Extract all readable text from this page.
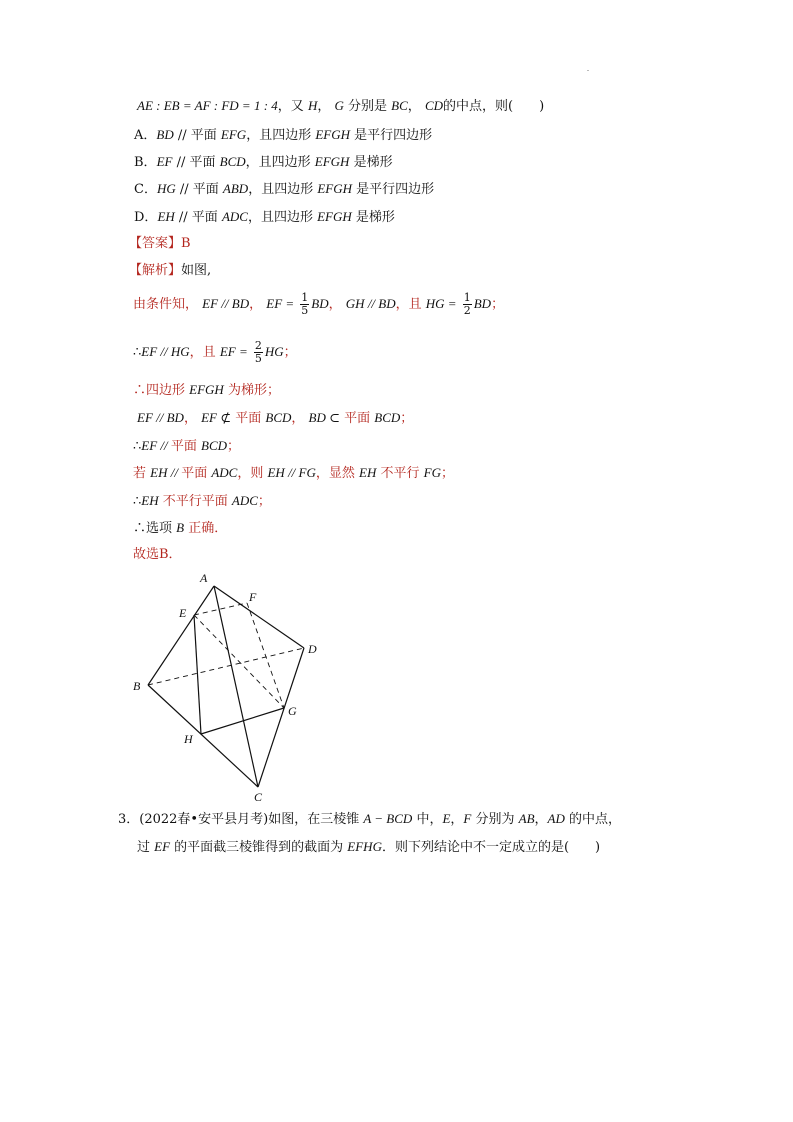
AE : EB = AF : FD = 1 : 4，又 H， G 分别是 BC， CD的中点，则(　　)
A．BD // 平面 EFG，且四边形 EFGH 是平行四边形
B．EF // 平面 BCD，且四边形 EFGH 是梯形
C．HG // 平面 ABD，且四边形 EFGH 是平行四边形
D．EH // 平面 ADC，且四边形 EFGH 是梯形
【答案】B
【解析】如图,
由条件知， EF // BD， EF = $\frac{1}{5}$ BD， GH // BD，且 HG = $\frac{1}{2}$ BD；
∴EF // HG，且 EF = $\frac{2}{5}$ HG；
∴四边形 EFGH 为梯形；
EF // BD， EF ⊄ 平面 BCD， BD ⊂ 平面 BCD；
∴EF // 平面 BCD；
若 EH // 平面 ADC，则 EH // FG，显然 EH 不平行 FG；
∴EH 不平行平面 ADC；
∴选项 B 正确．
故选B．
A
E
F
D
B
G
H
C
3．(2022春•安平县月考)如图，在三棱锥 A − BCD 中，E，F 分别为 AB，AD 的中点，
过 EF 的平面截三棱锥得到的截面为 EFHG．则下列结论中不一定成立的是(　　)
